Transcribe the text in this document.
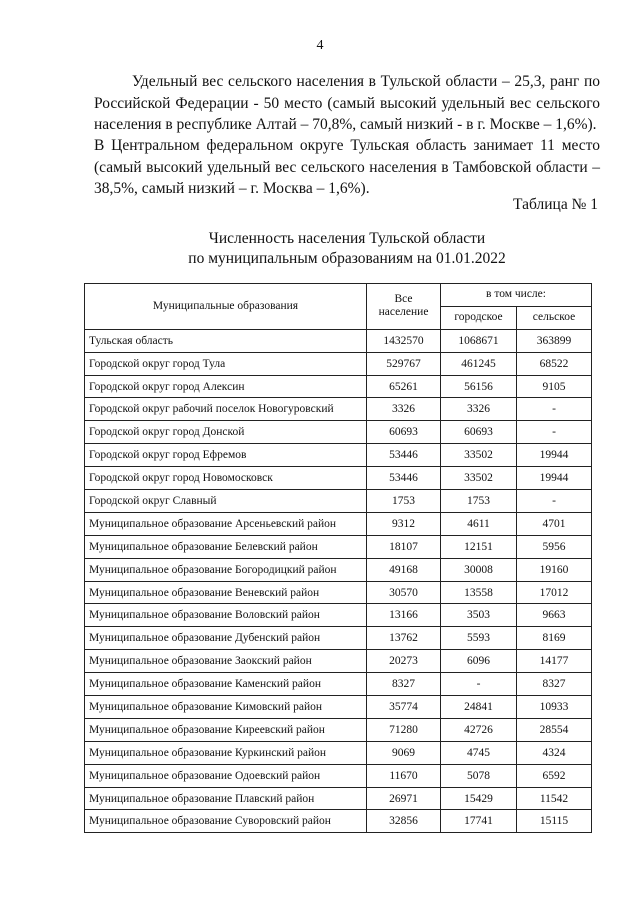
4

Удельный вес сельского населения в Тульской области – 25,3, ранг по Российской Федерации - 50 место (самый высокий удельный вес сельского населения в республике Алтай – 70,8%, самый низкий - в г. Москве – 1,6%).

В Центральном федеральном округе Тульская область занимает 11 место (самый высокий удельный вес сельского населения в Тамбовской области – 38,5%, самый низкий – г. Москва – 1,6%).

Таблица № 1
Численность населения Тульской области
по муниципальным образованиям на 01.01.2022
Муниципальные образования	Все население	в том числе:	
		городское	сельское
Тульская область	1432570	1068671	363899
Городской округ город Тула	529767	461245	68522
Городской округ город Алексин	65261	56156	9105
Городской округ рабочий поселок Новогуровский	3326	3326	-
Городской округ город Донской	60693	60693	-
Городской округ город Ефремов	53446	33502	19944
Городской округ город Новомосковск	53446	33502	19944
Городской округ Славный	1753	1753	-
Муниципальное образование Арсеньевский район	9312	4611	4701
Муниципальное образование Белевский район	18107	12151	5956
Муниципальное образование Богородицкий район	49168	30008	19160
Муниципальное образование Веневский район	30570	13558	17012
Муниципальное образование Воловский район	13166	3503	9663
Муниципальное образование Дубенский район	13762	5593	8169
Муниципальное образование Заокский район	20273	6096	14177
Муниципальное образование Каменский район	8327	-	8327
Муниципальное образование Кимовский район	35774	24841	10933
Муниципальное образование Киреевский район	71280	42726	28554
Муниципальное образование Куркинский район	9069	4745	4324
Муниципальное образование Одоевский район	11670	5078	6592
Муниципальное образование Плавский район	26971	15429	11542
Муниципальное образование Суворовский район	32856	17741	15115
